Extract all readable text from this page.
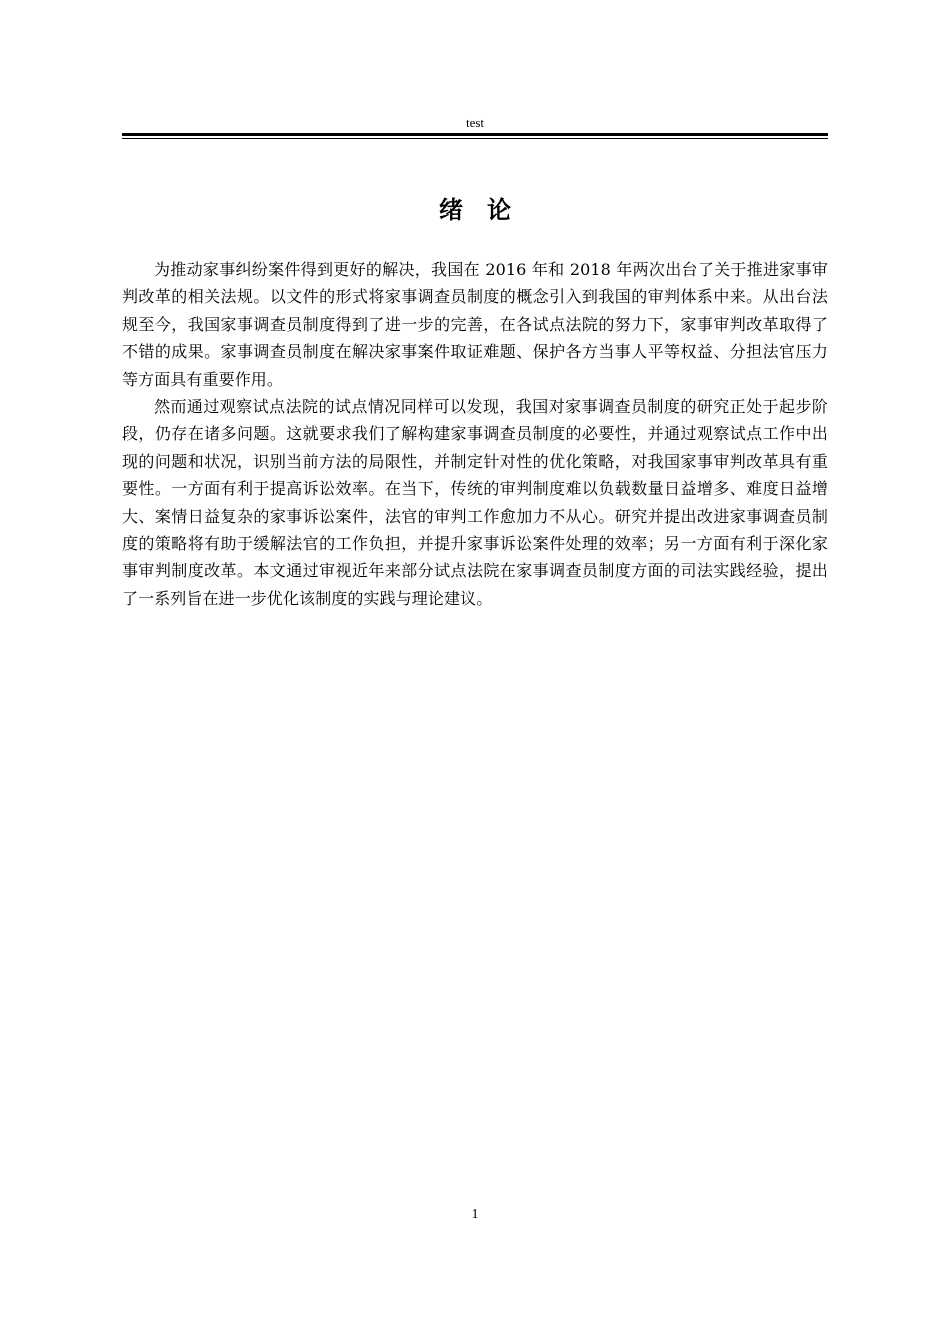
test
绪　论

为推动家事纠纷案件得到更好的解决，我国在 2016 年和 2018 年两次出台了关于推进家事审判改革的相关法规。以文件的形式将家事调查员制度的概念引入到我国的审判体系中来。从出台法规至今，我国家事调查员制度得到了进一步的完善，在各试点法院的努力下，家事审判改革取得了不错的成果。家事调查员制度在解决家事案件取证难题、保护各方当事人平等权益、分担法官压力等方面具有重要作用。

然而通过观察试点法院的试点情况同样可以发现，我国对家事调查员制度的研究正处于起步阶段，仍存在诸多问题。这就要求我们了解构建家事调查员制度的必要性，并通过观察试点工作中出现的问题和状况，识别当前方法的局限性，并制定针对性的优化策略，对我国家事审判改革具有重要性。一方面有利于提高诉讼效率。在当下，传统的审判制度难以负载数量日益增多、难度日益增大、案情日益复杂的家事诉讼案件，法官的审判工作愈加力不从心。研究并提出改进家事调查员制度的策略将有助于缓解法官的工作负担，并提升家事诉讼案件处理的效率；另一方面有利于深化家事审判制度改革。本文通过审视近年来部分试点法院在家事调查员制度方面的司法实践经验，提出了一系列旨在进一步优化该制度的实践与理论建议。

1
